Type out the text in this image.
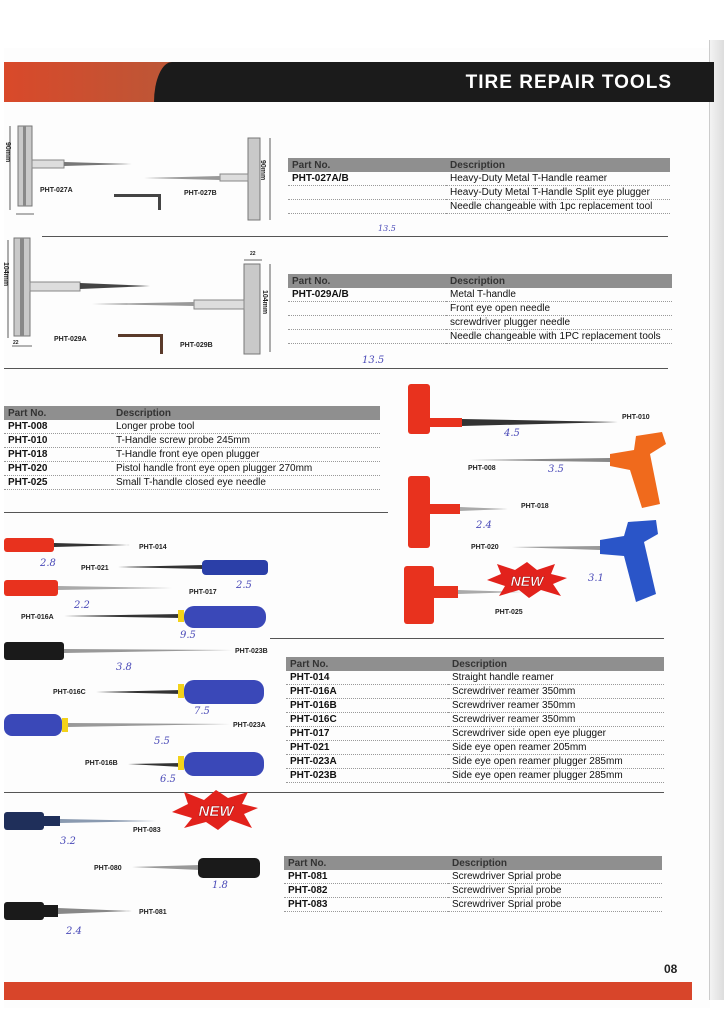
TIRE REPAIR TOOLS
90mm
90mm
PHT-027A	PHT-027B
Part No.	Description
PHT-027A/B	Heavy-Duty Metal T-Handle reamer
	Heavy-Duty Metal T-Handle Split eye plugger
	Needle changeable with 1pc replacement tool
13.5
104mm
104mm
22
22
PHT-029A
PHT-029B
Part No.	Description
PHT-029A/B	Metal T-handle
	Front eye open needle
	screwdriver plugger needle
	Needle changeable with 1PC replacement tools
13.5
Part No.	Description
PHT-008	Longer probe tool
PHT-010	T-Handle screw probe 245mm
PHT-018	T-Handle front eye open plugger
PHT-020	Pistol handle front eye open plugger 270mm
PHT-025	Small T-handle closed eye needle
NEW
PHT-010
PHT-008
PHT-018
PHT-020
PHT-025
4.5
3.5
2.4
3.1
PHT-014
PHT-021
PHT-017
PHT-016A
PHT-023B
PHT-016C
PHT-023A
PHT-016B
2.8
2.5
2.2
9.5
3.8
7.5
5.5
6.5
Part No.	Description
PHT-014	Straight handle reamer
PHT-016A	Screwdriver reamer 350mm
PHT-016B	Screwdriver reamer 350mm
PHT-016C	Screwdriver reamer 350mm
PHT-017	Screwdriver side open eye plugger
PHT-021	Side eye open reamer 205mm
PHT-023A	Side eye open reamer plugger 285mm
PHT-023B	Side eye open reamer plugger 285mm
NEW
PHT-083
PHT-080
PHT-081
3.2
1.8
2.4
Part No.	Description
PHT-081	Screwdriver Sprial probe
PHT-082	Screwdriver Sprial probe
PHT-083	Screwdriver Sprial probe
08
